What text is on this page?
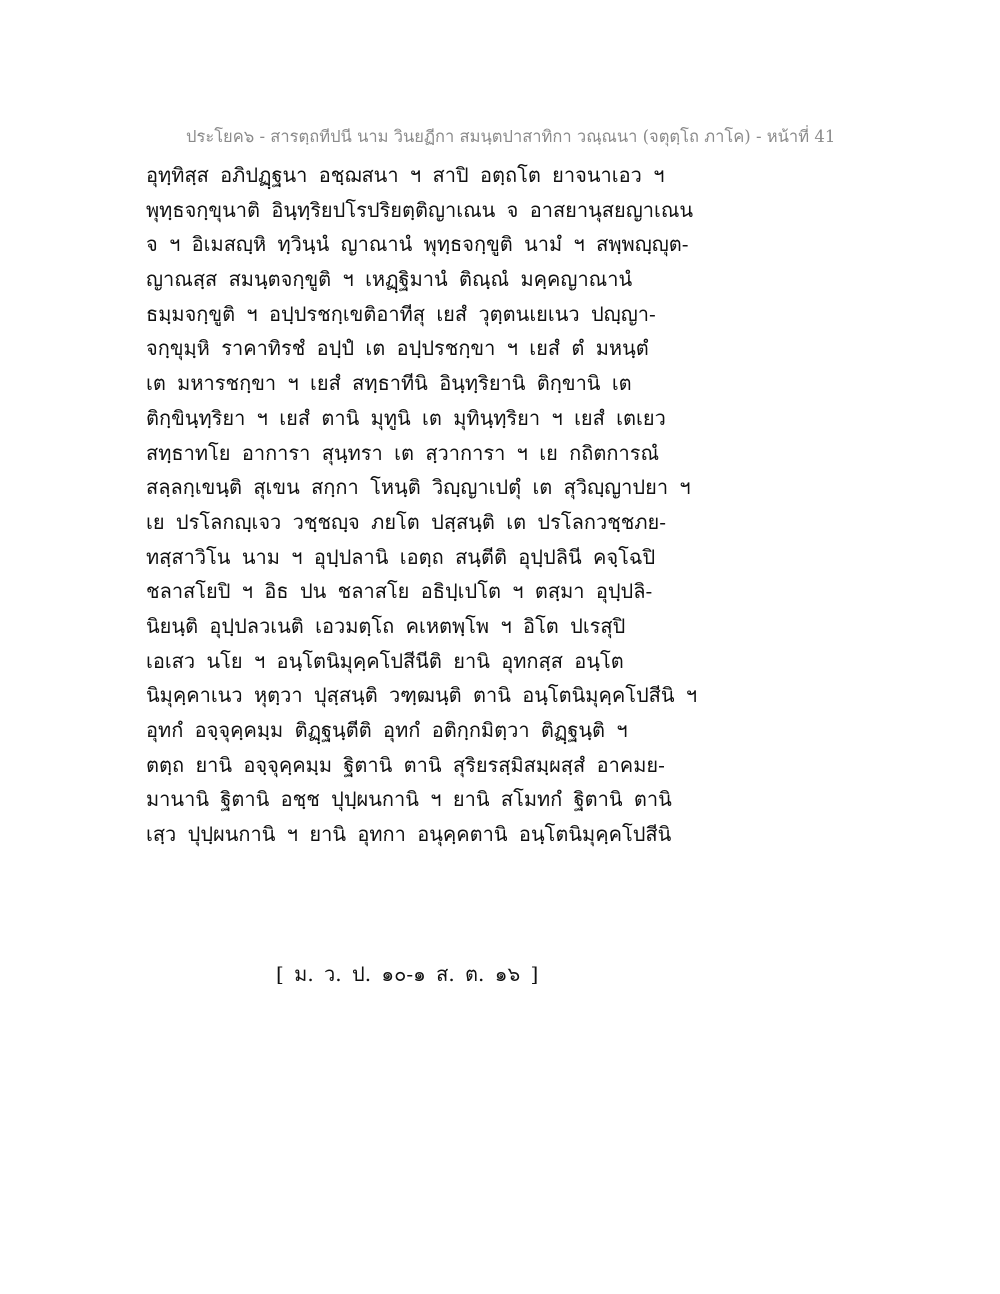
ประโยค๖ - สารตฺถทีปนี นาม วินยฏีกา สมนฺตปาสาทิกา วณฺณนา (จตุตฺโถ ภาโค) - หน้าที่ 41
อุทฺทิสฺส อภิปฏฺฐนา อชฺฌสนา ฯ สาปิ อตฺถโต ยาจนาเอว ฯ
พุทฺธจกฺขุนาติ อินฺทฺริยปโรปริยตฺติญาเณน จ อาสยานุสยญาเณน
จ ฯ อิเมสญฺหิ ทฺวินฺนํ ญาณานํ พุทฺธจกฺขูติ นามํ ฯ สพฺพญฺญุต-
ญาณสฺส สมนฺตจกฺขูติ ฯ เหฏฺฐิมานํ ติณฺณํ มคฺคญาณานํ
ธมฺมจกฺขูติ ฯ อปฺปรชกฺเขติอาทีสุ เยสํ วุตฺตนเยเนว ปญฺญา-
จกฺขุมฺหิ ราคาทิรชํ อปฺปํ เต อปฺปรชกฺขา ฯ เยสํ ตํ มหนฺตํ
เต มหารชกฺขา ฯ เยสํ สทฺธาทีนิ อินฺทฺริยานิ ติกฺขานิ เต
ติกฺขินฺทฺริยา ฯ เยสํ ตานิ มุทูนิ เต มุทินฺทฺริยา ฯ เยสํ เตเยว
สทฺธาทโย อาการา สุนฺทรา เต สฺวาการา ฯ เย กถิตการณํ
สลฺลกฺเขนฺติ สุเขน สกฺกา โหนฺติ วิญฺญาเปตุํ เต สุวิญฺญาปยา ฯ
เย ปรโลกญฺเจว วชฺชญฺจ ภยโต ปสฺสนฺติ เต ปรโลกวชฺชภย-
ทสฺสาวิโน นาม ฯ อุปฺปลานิ เอตฺถ สนฺตีติ อุปฺปลินี คจฺโฉปิ
ชลาสโยปิ ฯ อิธ ปน ชลาสโย อธิปฺเปโต ฯ ตสฺมา อุปฺปลิ-
นิยนฺติ อุปฺปลวเนติ เอวมตฺโถ คเหตพฺโพ ฯ อิโต ปเรสุปิ
เอเสว นโย ฯ อนฺโตนิมุคฺคโปสีนีติ ยานิ อุทกสฺส อนฺโต
นิมุคฺคาเนว หุตฺวา ปุสฺสนฺติ วฑฺฒนฺติ ตานิ อนฺโตนิมุคฺคโปสีนิ ฯ
อุทกํ อจฺจุคฺคมฺม ติฏฺฐนฺตีติ อุทกํ อติกฺกมิตฺวา ติฏฺฐนฺติ ฯ
ตตฺถ ยานิ อจฺจุคฺคมฺม ฐิตานิ ตานิ สุริยรสฺมิสมฺผสฺสํ อาคมย-
มานานิ ฐิตานิ อชฺช ปุปฺผนกานิ ฯ ยานิ สโมทกํ ฐิตานิ ตานิ
เสฺว ปุปฺผนกานิ ฯ ยานิ อุทกา อนุคฺคตานิ อนฺโตนิมุคฺคโปสีนิ
[ ม. ว. ป. ๑๐-๑ ส. ต. ๑๖ ]
